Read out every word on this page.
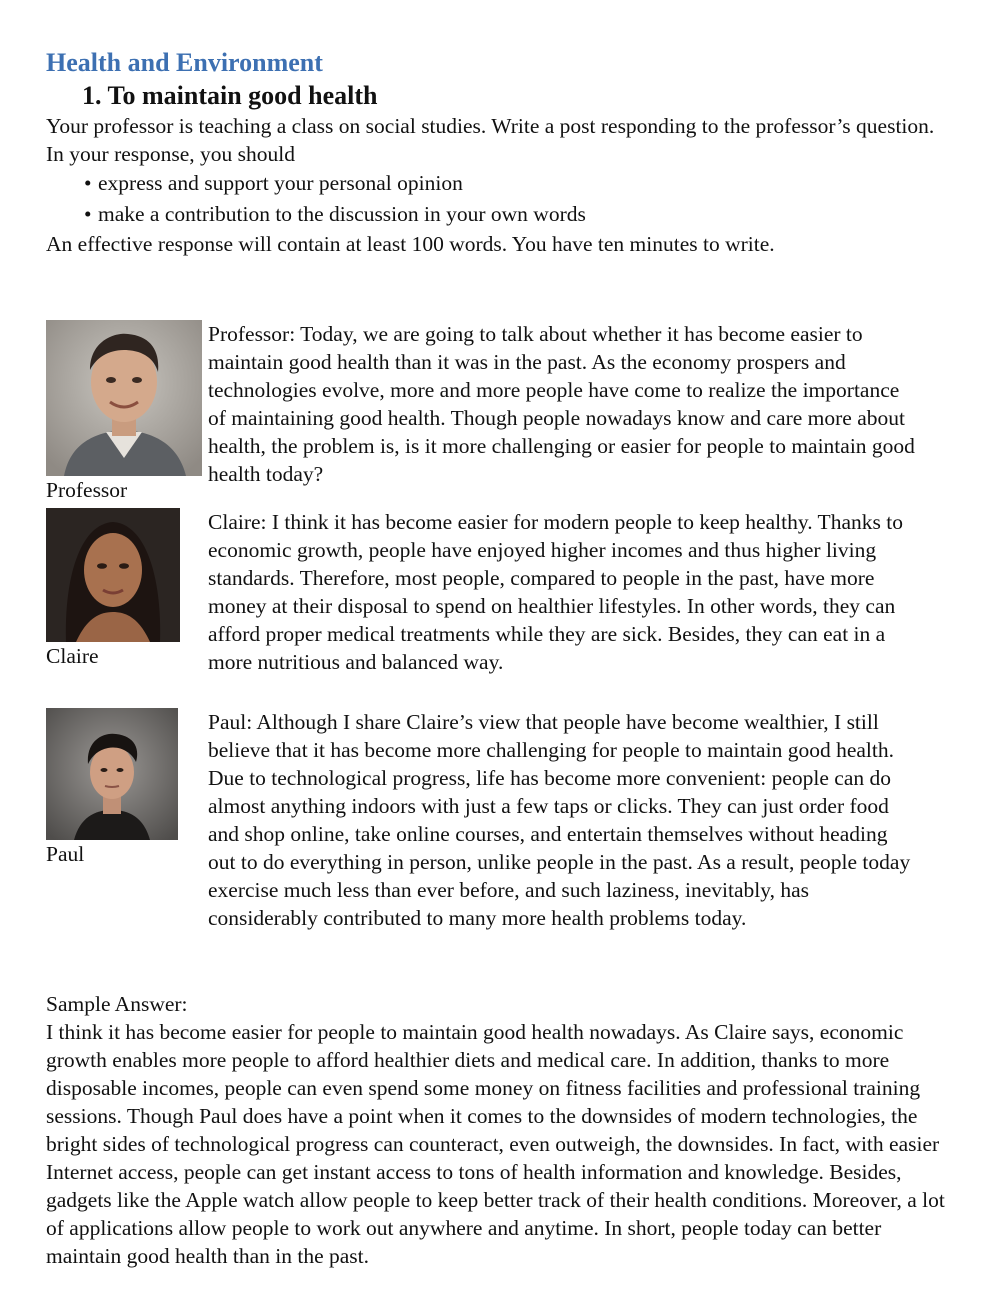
Health and Environment
1. To maintain good health

Your professor is teaching a class on social studies. Write a post responding to the professor’s question.

In your response, you should

• express and support your personal opinion
• make a contribution to the discussion in your own words

An effective response will contain at least 100 words. You have ten minutes to write.

Professor

Professor: Today, we are going to talk about whether it has become easier to maintain good health than it was in the past. As the economy prospers and technologies evolve, more and more people have come to realize the importance of maintaining good health. Though people nowadays know and care more about health, the problem is, is it more challenging or easier for people to maintain good health today?

Claire

Claire: I think it has become easier for modern people to keep healthy. Thanks to economic growth, people have enjoyed higher incomes and thus higher living standards. Therefore, most people, compared to people in the past, have more money at their disposal to spend on healthier lifestyles. In other words, they can afford proper medical treatments while they are sick. Besides, they can eat in a more nutritious and balanced way.

Paul

Paul: Although I share Claire’s view that people have become wealthier, I still believe that it has become more challenging for people to maintain good health. Due to technological progress, life has become more convenient: people can do almost anything indoors with just a few taps or clicks. They can just order food and shop online, take online courses, and entertain themselves without heading out to do everything in person, unlike people in the past. As a result, people today exercise much less than ever before, and such laziness, inevitably, has considerably contributed to many more health problems today.

Sample Answer:

I think it has become easier for people to maintain good health nowadays. As Claire says, economic growth enables more people to afford healthier diets and medical care. In addition, thanks to more disposable incomes, people can even spend some money on fitness facilities and professional training sessions. Though Paul does have a point when it comes to the downsides of modern technologies, the bright sides of technological progress can counteract, even outweigh, the downsides. In fact, with easier Internet access, people can get instant access to tons of health information and knowledge. Besides, gadgets like the Apple watch allow people to keep better track of their health conditions. Moreover, a lot of applications allow people to work out anywhere and anytime. In short, people today can better maintain good health than in the past.
